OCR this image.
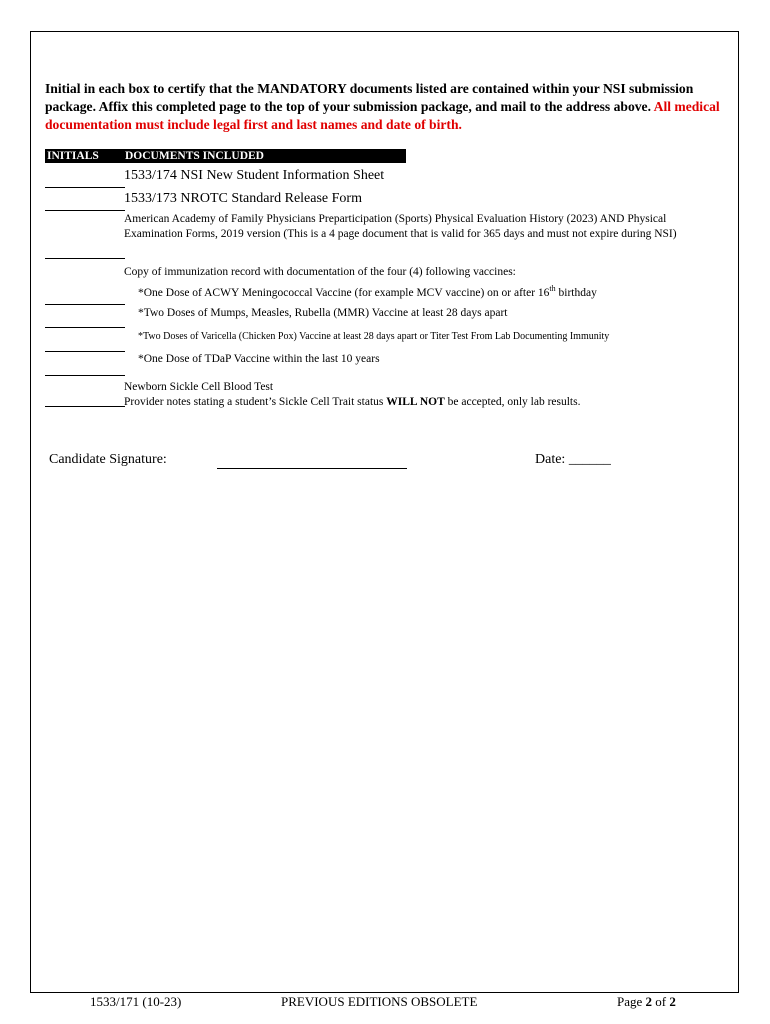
Initial in each box to certify that the MANDATORY documents listed are contained within your NSI submission package. Affix this completed page to the top of your submission package, and mail to the address above. All medical documentation must include legal first and last names and date of birth.
INITIALS DOCUMENTS INCLUDED
1533/174 NSI New Student Information Sheet
1533/173 NROTC Standard Release Form
American Academy of Family Physicians Preparticipation (Sports) Physical Evaluation History (2023) AND Physical Examination Forms, 2019 version (This is a 4 page document that is valid for 365 days and must not expire during NSI)
Copy of immunization record with documentation of the four (4) following vaccines:
*One Dose of ACWY Meningococcal Vaccine (for example MCV vaccine) on or after 16th birthday
*Two Doses of Mumps, Measles, Rubella (MMR) Vaccine at least 28 days apart
*Two Doses of Varicella (Chicken Pox) Vaccine at least 28 days apart or Titer Test From Lab Documenting Immunity
*One Dose of TDaP Vaccine within the last 10 years
Newborn Sickle Cell Blood Test
Provider notes stating a student’s Sickle Cell Trait status WILL NOT be accepted, only lab results.
Candidate Signature:	Date: ______
1533/171 (10-23)	PREVIOUS EDITIONS OBSOLETE	Page 2 of 2
